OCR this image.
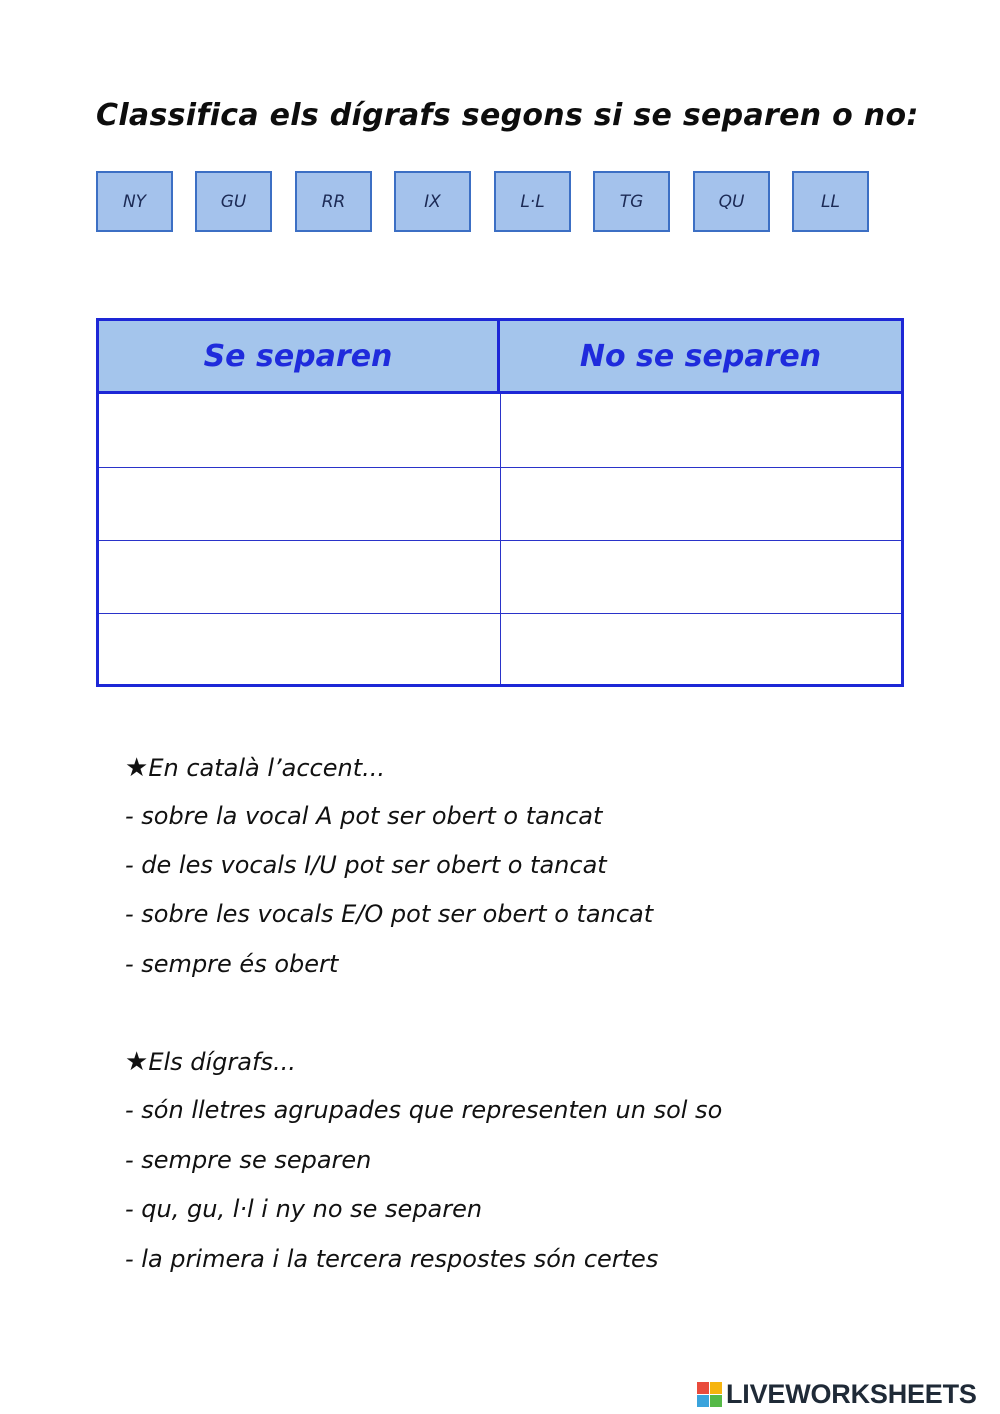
Classifica els dígrafs segons si se separen o no:
NY	GU	RR	IX	L·L	TG	QU	LL
Se separen	No se separen
★En català l’accent...
- sobre la vocal A pot ser obert o tancat
- de les vocals I/U pot ser obert o tancat
- sobre les vocals E/O pot ser obert o tancat
- sempre és obert
★Els dígrafs...
- són lletres agrupades que representen un sol so
- sempre se separen
- qu, gu, l·l i ny no se separen
- la primera i la tercera respostes són certes
LIVEWORKSHEETS
